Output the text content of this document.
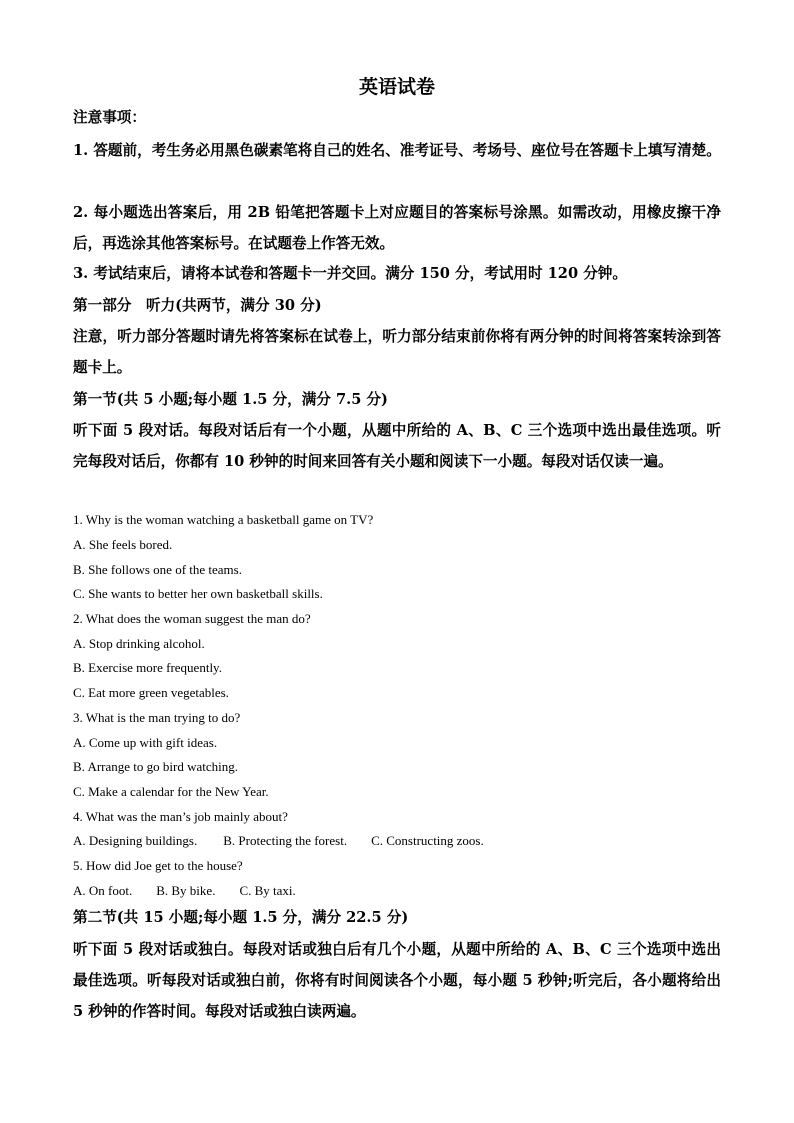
英语试卷
注意事项：
1. 答题前，考生务必用黑色碳素笔将自己的姓名、准考证号、考场号、座位号在答题卡上填写清楚。
2. 每小题选出答案后，用 2B 铅笔把答题卡上对应题目的答案标号涂黑。如需改动，用橡皮擦干净后，再选涂其他答案标号。在试题卷上作答无效。
3. 考试结束后，请将本试卷和答题卡一并交回。满分 150 分，考试用时 120 分钟。
第一部分　听力(共两节，满分 30 分)
注意，听力部分答题时请先将答案标在试卷上，听力部分结束前你将有两分钟的时间将答案转涂到答题卡上。
第一节(共 5 小题;每小题 1.5 分，满分 7.5 分)
听下面 5 段对话。每段对话后有一个小题，从题中所给的 A、B、C 三个选项中选出最佳选项。听完每段对话后，你都有 10 秒钟的时间来回答有关小题和阅读下一小题。每段对话仅读一遍。
1. Why is the woman watching a basketball game on TV?
A. She feels bored.
B. She follows one of the teams.
C. She wants to better her own basketball skills.
2. What does the woman suggest the man do?
A. Stop drinking alcohol.
B. Exercise more frequently.
C. Eat more green vegetables.
3. What is the man trying to do?
A. Come up with gift ideas.
B. Arrange to go bird watching.
C. Make a calendar for the New Year.
4. What was the man’s job mainly about?
A. Designing buildings. B. Protecting the forest. C. Constructing zoos.
5. How did Joe get to the house?
A. On foot. B. By bike. C. By taxi.
第二节(共 15 小题;每小题 1.5 分，满分 22.5 分)
听下面 5 段对话或独白。每段对话或独白后有几个小题，从题中所给的 A、B、C 三个选项中选出最佳选项。听每段对话或独白前，你将有时间阅读各个小题，每小题 5 秒钟;听完后，各小题将给出 5 秒钟的作答时间。每段对话或独白读两遍。
